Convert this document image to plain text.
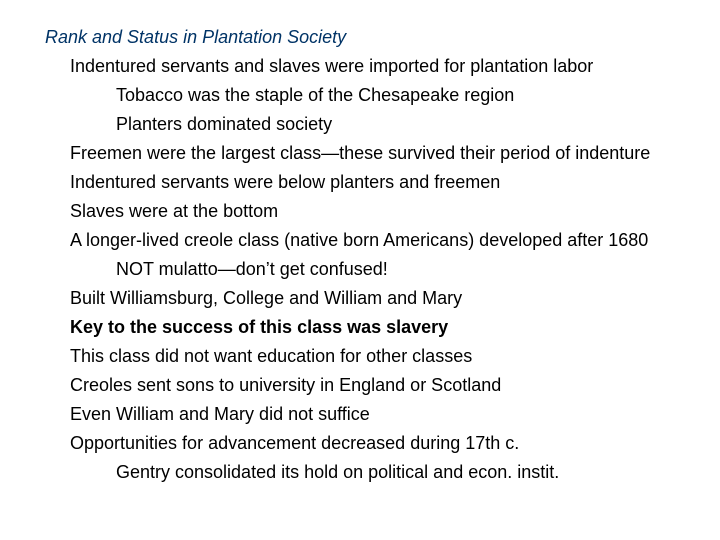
Rank and Status in Plantation Society
Indentured servants and slaves were imported for plantation labor
Tobacco was the staple of the Chesapeake region
Planters dominated society
Freemen were the largest class—these survived their period of indenture
Indentured servants were below planters and freemen
Slaves were at the bottom
A longer-lived creole class (native born Americans) developed after 1680
NOT mulatto—don’t get confused!
Built Williamsburg, College and William and Mary
Key to the success of this class was slavery
This class did not want education for other classes
Creoles sent sons to university in England or Scotland
Even William and Mary did not suffice
Opportunities for advancement decreased during 17th c.
Gentry consolidated its hold on political and econ. instit.
